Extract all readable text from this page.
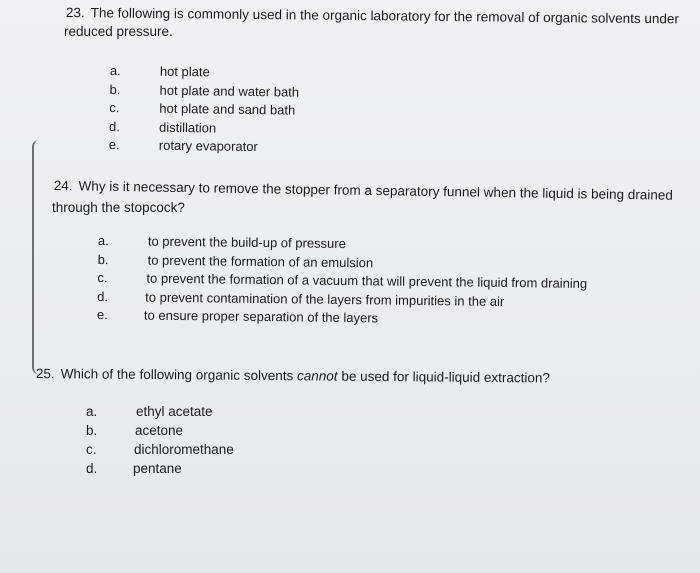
23. The following is commonly used in the organic laboratory for the removal of organic solvents under

reduced pressure.

a.	hot plate
b.	hot plate and water bath
c.	hot plate and sand bath
d.	distillation
e.	rotary evaporator

24. Why is it necessary to remove the stopper from a separatory funnel when the liquid is being drained

through the stopcock?

a.	to prevent the build-up of pressure
b.	to prevent the formation of an emulsion
c.	to prevent the formation of a vacuum that will prevent the liquid from draining
d.	to prevent contamination of the layers from impurities in the air
e.	to ensure proper separation of the layers

25. Which of the following organic solvents cannot be used for liquid-liquid extraction?

a.	ethyl acetate
b.	acetone
c.	dichloromethane
d.	pentane
